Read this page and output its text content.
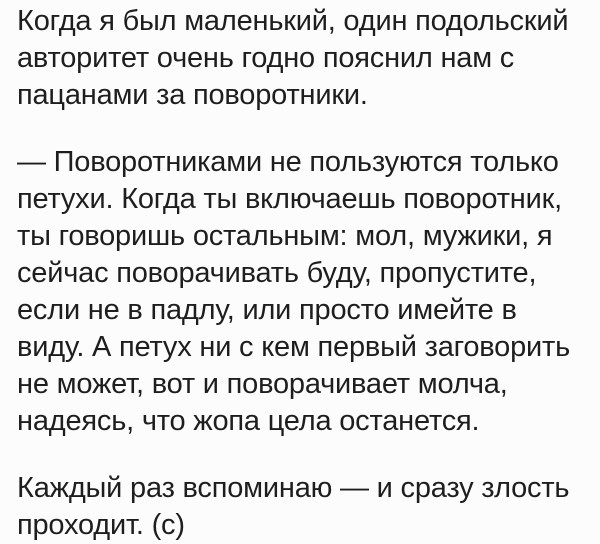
Когда я был маленький, один подольский
авторитет очень годно пояснил нам с
пацанами за поворотники.
— Поворотниками не пользуются только
петухи. Когда ты включаешь поворотник,
ты говоришь остальным: мол, мужики, я
сейчас поворачивать буду, пропустите,
если не в падлу, или просто имейте в
виду. А петух ни с кем первый заговорить
не может, вот и поворачивает молча,
надеясь, что жопа цела останется.
Каждый раз вспоминаю — и сразу злость
проходит. (с)
